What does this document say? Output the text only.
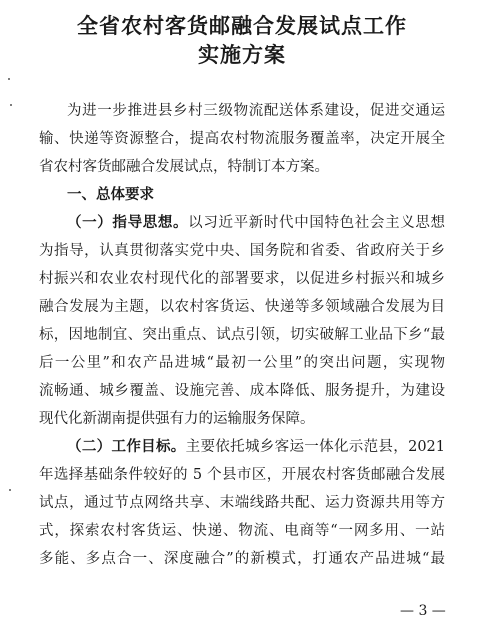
全省农村客货邮融合发展试点工作
实施方案
为进一步推进县乡村三级物流配送体系建设，促进交通运
输、快递等资源整合，提高农村物流服务覆盖率，决定开展全
省农村客货邮融合发展试点，特制订本方案。
一、总体要求
（一）指导思想。以习近平新时代中国特色社会主义思想
为指导，认真贯彻落实党中央、国务院和省委、省政府关于乡
村振兴和农业农村现代化的部署要求，以促进乡村振兴和城乡
融合发展为主题，以农村客货运、快递等多领域融合发展为目
标，因地制宜、突出重点、试点引领，切实破解工业品下乡“最
后一公里”和农产品进城“最初一公里”的突出问题，实现物
流畅通、城乡覆盖、设施完善、成本降低、服务提升，为建设
现代化新湖南提供强有力的运输服务保障。
（二）工作目标。主要依托城乡客运一体化示范县，2021
年选择基础条件较好的 5 个县市区，开展农村客货邮融合发展
试点，通过节点网络共享、末端线路共配、运力资源共用等方
式，探索农村客货运、快递、物流、电商等“一网多用、一站
多能、多点合一、深度融合”的新模式，打通农产品进城“最
— 3 —
